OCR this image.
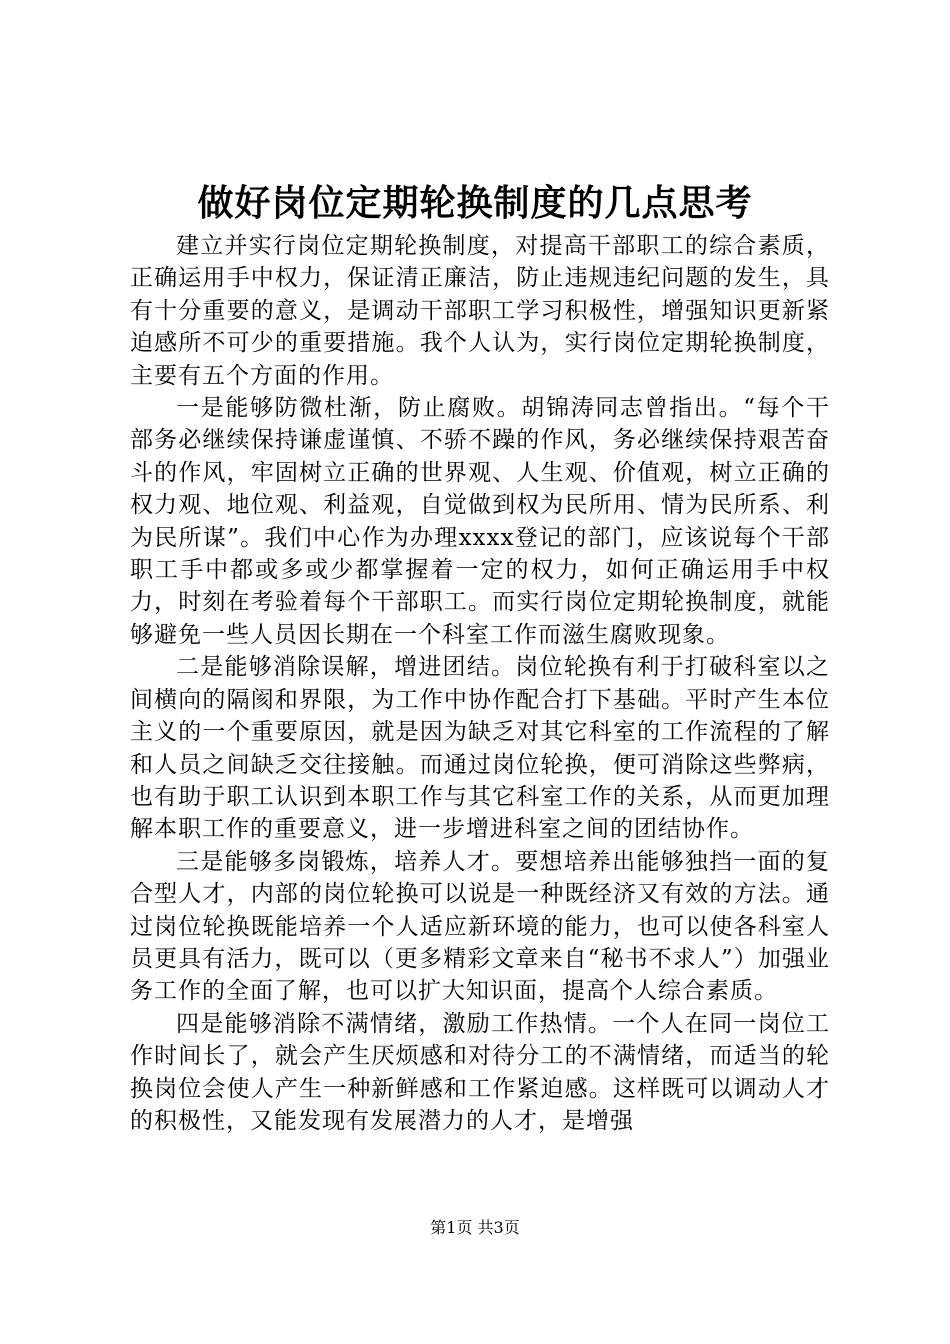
做好岗位定期轮换制度的几点思考

建立并实行岗位定期轮换制度，对提高干部职工的综合素质，正确运用手中权力，保证清正廉洁，防止违规违纪问题的发生，具有十分重要的意义，是调动干部职工学习积极性，增强知识更新紧迫感所不可少的重要措施。我个人认为，实行岗位定期轮换制度，主要有五个方面的作用。

一是能够防微杜渐，防止腐败。胡锦涛同志曾指出。“每个干部务必继续保持谦虚谨慎、不骄不躁的作风，务必继续保持艰苦奋斗的作风，牢固树立正确的世界观、人生观、价值观，树立正确的权力观、地位观、利益观，自觉做到权为民所用、情为民所系、利为民所谋”。我们中心作为办理xxxx登记的部门，应该说每个干部职工手中都或多或少都掌握着一定的权力，如何正确运用手中权力，时刻在考验着每个干部职工。而实行岗位定期轮换制度，就能够避免一些人员因长期在一个科室工作而滋生腐败现象。

二是能够消除误解，增进团结。岗位轮换有利于打破科室以之间横向的隔阂和界限，为工作中协作配合打下基础。平时产生本位主义的一个重要原因，就是因为缺乏对其它科室的工作流程的了解和人员之间缺乏交往接触。而通过岗位轮换，便可消除这些弊病，也有助于职工认识到本职工作与其它科室工作的关系，从而更加理解本职工作的重要意义，进一步增进科室之间的团结协作。

三是能够多岗锻炼，培养人才。要想培养出能够独挡一面的复合型人才，内部的岗位轮换可以说是一种既经济又有效的方法。通过岗位轮换既能培养一个人适应新环境的能力，也可以使各科室人员更具有活力，既可以（更多精彩文章来自“秘书不求人”）加强业务工作的全面了解，也可以扩大知识面，提高个人综合素质。

四是能够消除不满情绪，激励工作热情。一个人在同一岗位工作时间长了，就会产生厌烦感和对待分工的不满情绪，而适当的轮换岗位会使人产生一种新鲜感和工作紧迫感。这样既可以调动人才的积极性，又能发现有发展潜力的人才，是增强

第1页 共3页
